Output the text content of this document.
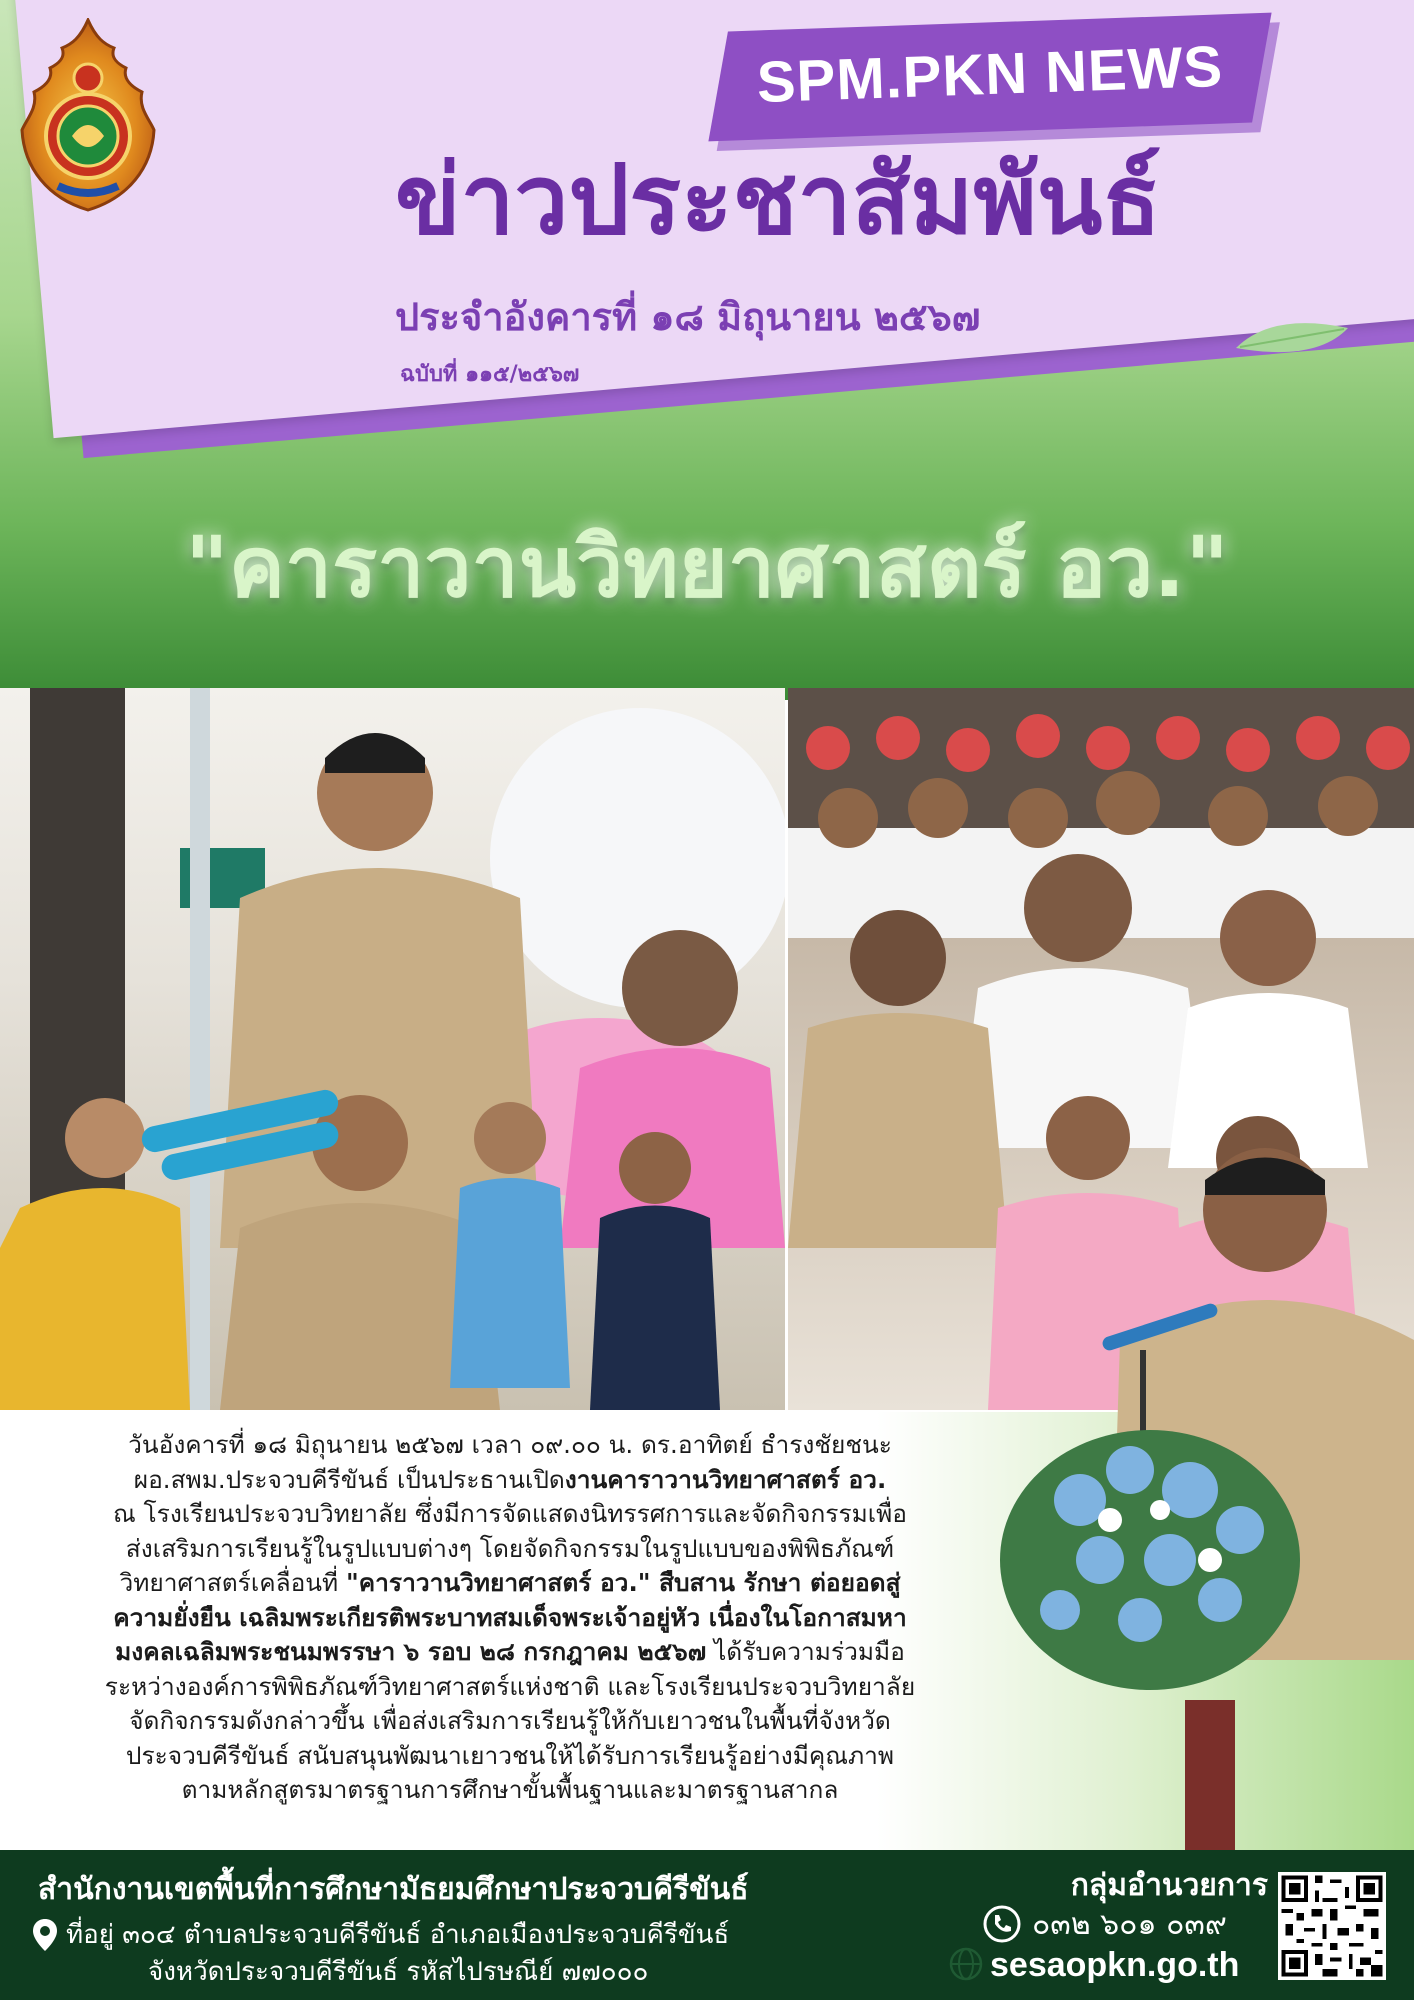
SPM.PKN NEWS
ข่าวประชาสัมพันธ์
ประจำอังคารที่ ๑๘ มิถุนายน ๒๕๖๗
ฉบับที่ ๑๑๕/๒๕๖๗
"คาราวานวิทยาศาสตร์ อว."

วันอังคารที่ ๑๘ มิถุนายน ๒๕๖๗ เวลา ๐๙.๐๐ น. ดร.อาทิตย์ ธำรงชัยชนะ

ผอ.สพม.ประจวบคีรีขันธ์ เป็นประธานเปิดงานคาราวานวิทยาศาสตร์ อว.

ณ โรงเรียนประจวบวิทยาลัย ซึ่งมีการจัดแสดงนิทรรศการและจัดกิจกรรมเพื่อ

ส่งเสริมการเรียนรู้ในรูปแบบต่างๆ โดยจัดกิจกรรมในรูปแบบของพิพิธภัณฑ์

วิทยาศาสตร์เคลื่อนที่ "คาราวานวิทยาศาสตร์ อว." สืบสาน รักษา ต่อยอดสู่

ความยั่งยืน เฉลิมพระเกียรติพระบาทสมเด็จพระเจ้าอยู่หัว เนื่องในโอกาสมหา

มงคลเฉลิมพระชนมพรรษา ๖ รอบ ๒๘ กรกฎาคม ๒๕๖๗ ได้รับความร่วมมือ

ระหว่างองค์การพิพิธภัณฑ์วิทยาศาสตร์แห่งชาติ และโรงเรียนประจวบวิทยาลัย

จัดกิจกรรมดังกล่าวขึ้น เพื่อส่งเสริมการเรียนรู้ให้กับเยาวชนในพื้นที่จังหวัด

ประจวบคีรีขันธ์ สนับสนุนพัฒนาเยาวชนให้ได้รับการเรียนรู้อย่างมีคุณภาพ

ตามหลักสูตรมาตรฐานการศึกษาขั้นพื้นฐานและมาตรฐานสากล

สำนักงานเขตพื้นที่การศึกษามัธยมศึกษาประจวบคีรีขันธ์
ที่อยู่ ๓๐๔ ตำบลประจวบคีรีขันธ์ อำเภอเมืองประจวบคีรีขันธ์
จังหวัดประจวบคีรีขันธ์ รหัสไปรษณีย์ ๗๗๐๐๐
กลุ่มอำนวยการ
๐๓๒ ๖๐๑ ๐๓๙
sesaopkn.go.th
